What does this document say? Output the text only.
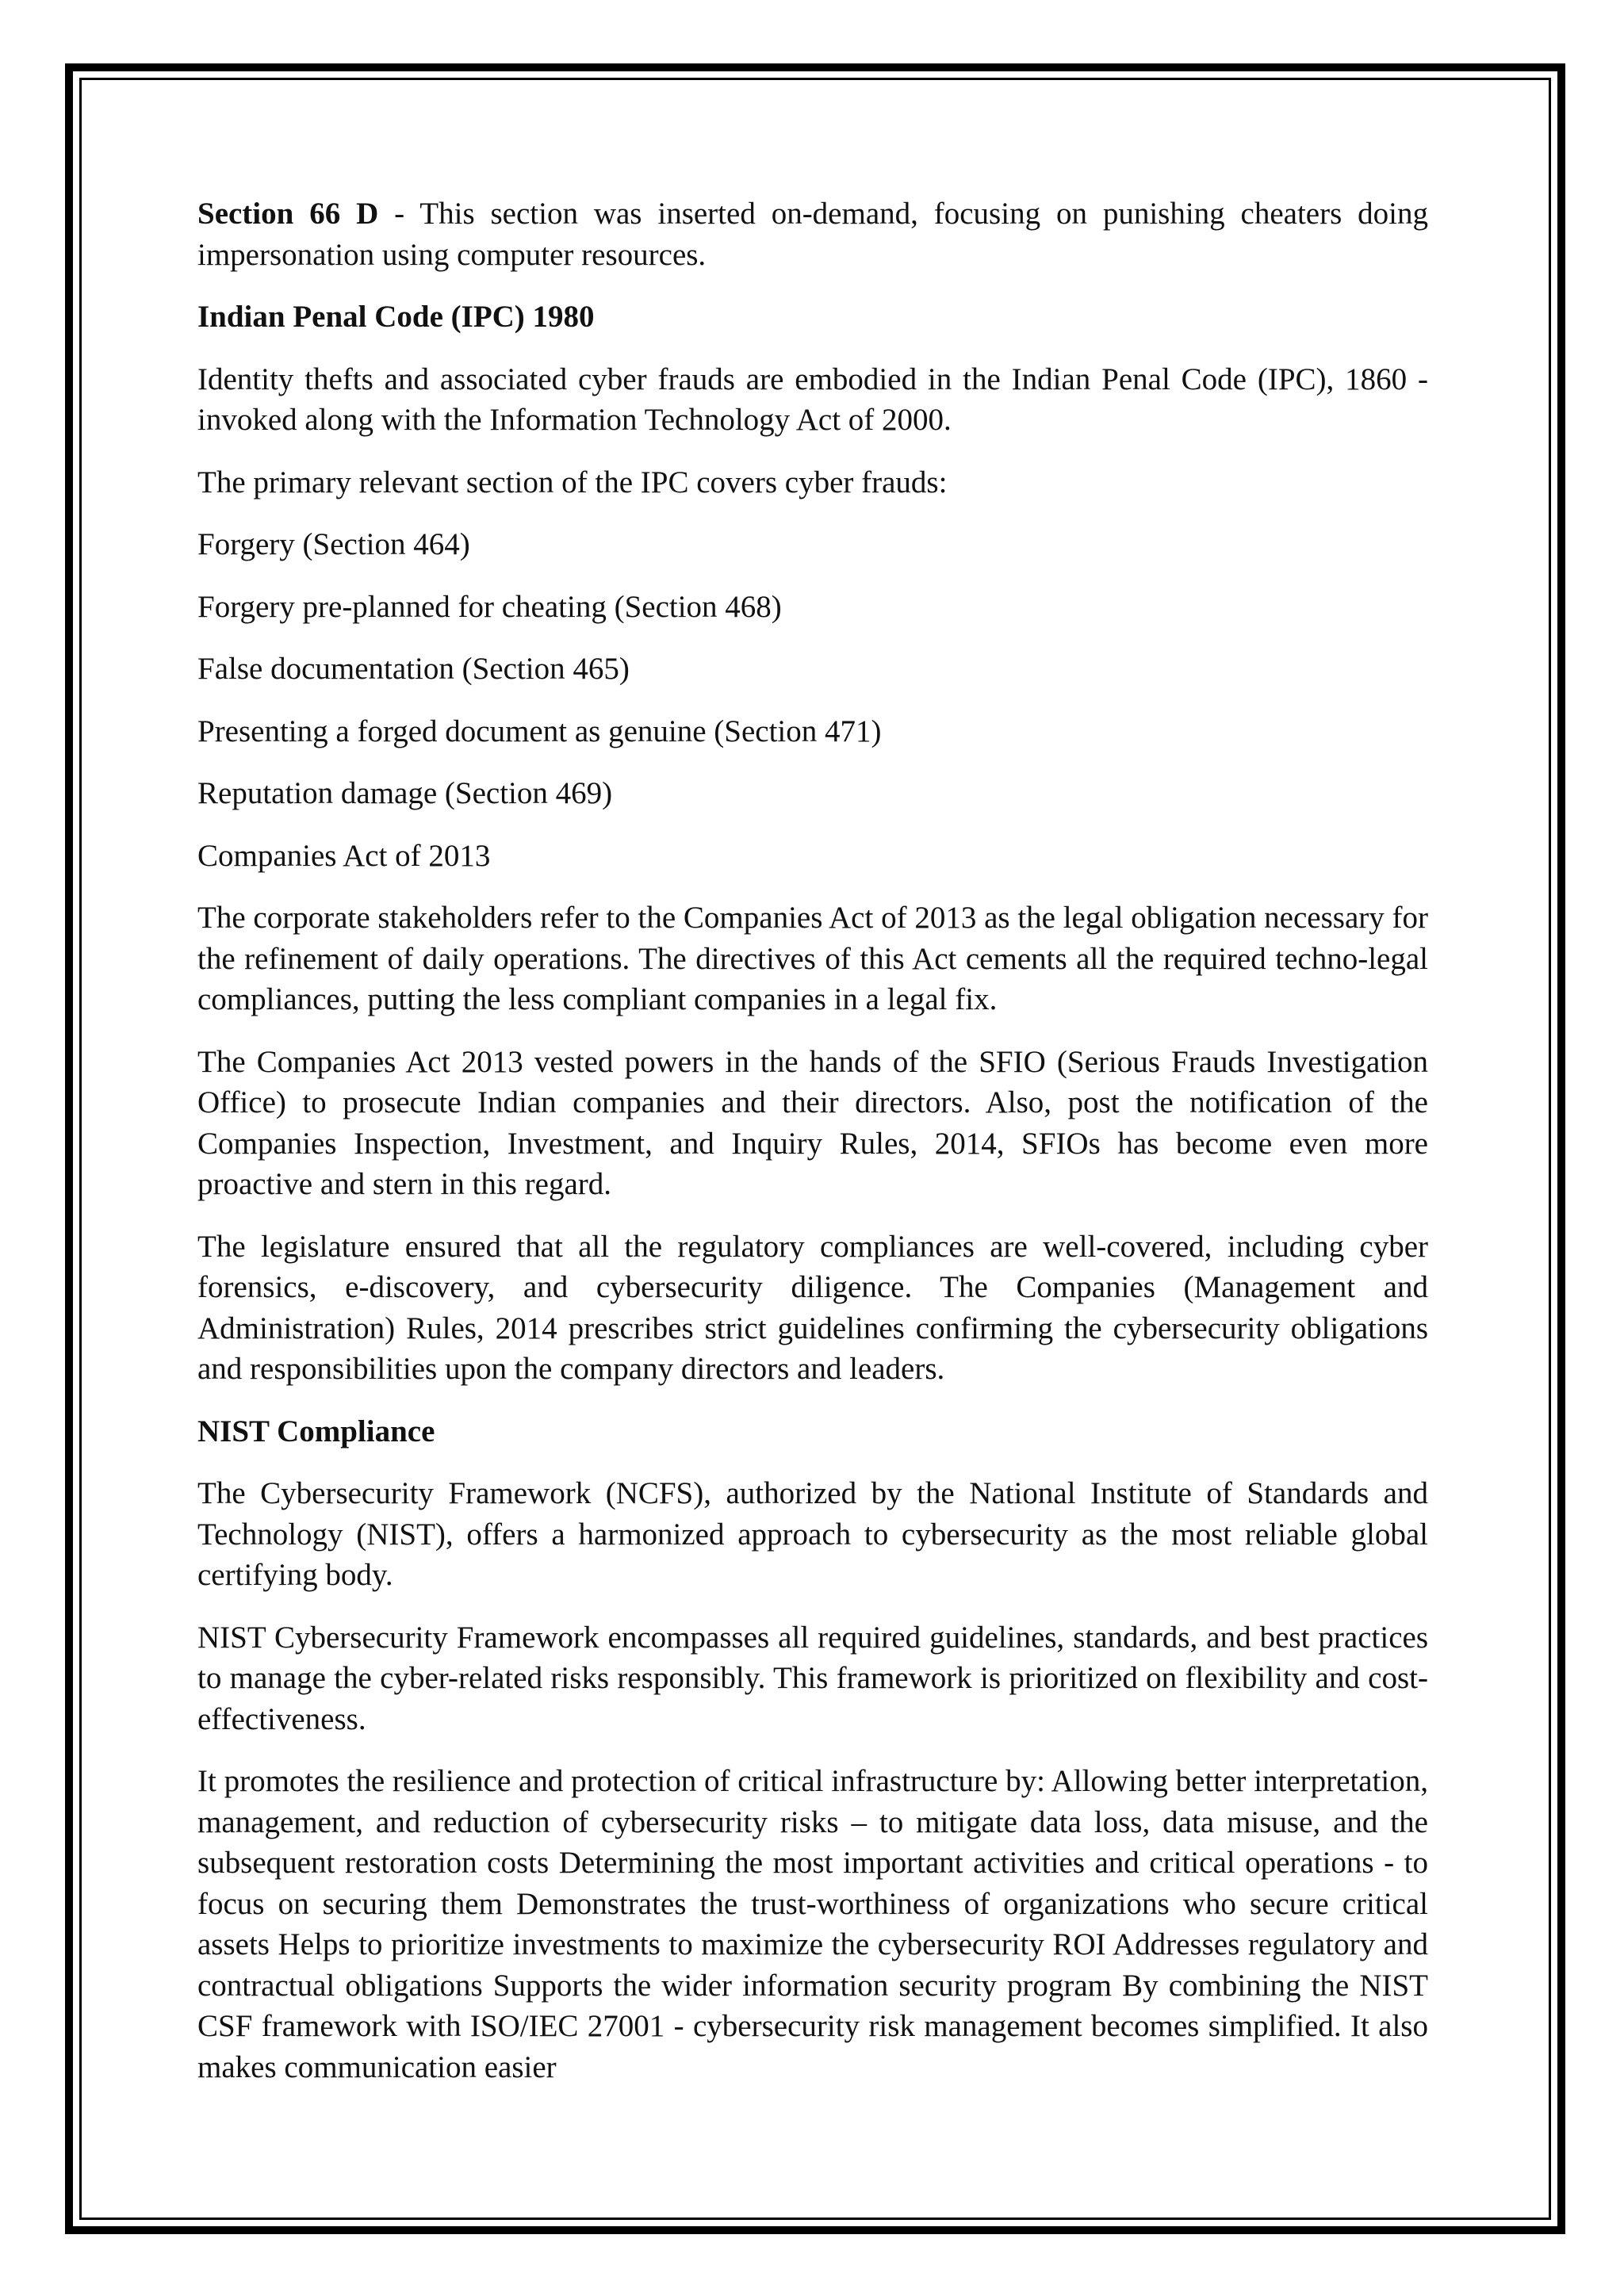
Section 66 D - This section was inserted on-demand, focusing on punishing cheaters doing impersonation using computer resources.

Indian Penal Code (IPC) 1980

Identity thefts and associated cyber frauds are embodied in the Indian Penal Code (IPC), 1860 - invoked along with the Information Technology Act of 2000.

The primary relevant section of the IPC covers cyber frauds:

Forgery (Section 464)

Forgery pre-planned for cheating (Section 468)

False documentation (Section 465)

Presenting a forged document as genuine (Section 471)

Reputation damage (Section 469)

Companies Act of 2013

The corporate stakeholders refer to the Companies Act of 2013 as the legal obligation necessary for the refinement of daily operations. The directives of this Act cements all the required techno-legal compliances, putting the less compliant companies in a legal fix.

The Companies Act 2013 vested powers in the hands of the SFIO (Serious Frauds Investigation Office) to prosecute Indian companies and their directors. Also, post the notification of the Companies Inspection, Investment, and Inquiry Rules, 2014, SFIOs has become even more proactive and stern in this regard.

The legislature ensured that all the regulatory compliances are well-covered, including cyber forensics, e-discovery, and cybersecurity diligence. The Companies (Management and Administration) Rules, 2014 prescribes strict guidelines confirming the cybersecurity obligations and responsibilities upon the company directors and leaders.

NIST Compliance

The Cybersecurity Framework (NCFS), authorized by the National Institute of Standards and Technology (NIST), offers a harmonized approach to cybersecurity as the most reliable global certifying body.

NIST Cybersecurity Framework encompasses all required guidelines, standards, and best practices to manage the cyber-related risks responsibly. This framework is prioritized on flexibility and cost-effectiveness.

It promotes the resilience and protection of critical infrastructure by: Allowing better interpretation, management, and reduction of cybersecurity risks – to mitigate data loss, data misuse, and the subsequent restoration costs Determining the most important activities and critical operations - to focus on securing them Demonstrates the trust-worthiness of organizations who secure critical assets Helps to prioritize investments to maximize the cybersecurity ROI Addresses regulatory and contractual obligations Supports the wider information security program By combining the NIST CSF framework with ISO/IEC 27001 - cybersecurity risk management becomes simplified. It also makes communication easier
